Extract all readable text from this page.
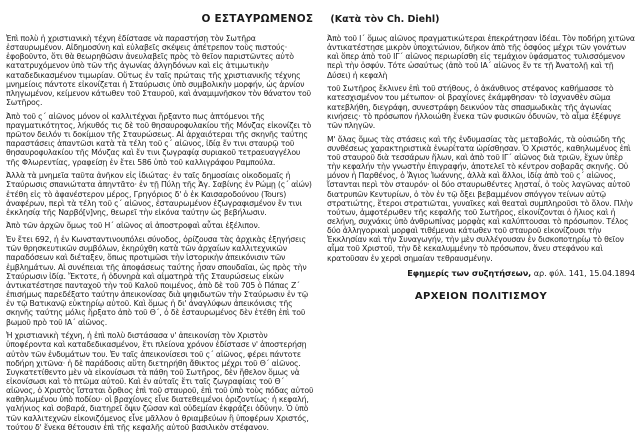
Ο ΕΣΤΑΥΡΩΜΕΝΟΣ (Κατὰ τὸν Ch. Diehl)

Ἐπὶ πολὺ ἡ χριστιανικὴ τέχνη ἐδίστασε νὰ παραστήσῃ τὸν Σωτῆρα ἐσταυρωμένον. Αἰδημοσύνη καὶ εὐλαβεῖς σκέψεις ἀπέτρεπον τοὺς πιστούς· ἐφοβοῦντο, ὅτι θὰ θεωρηθῶσιν ἀνευλαβεῖς πρὸς τὸ θεῖον παριστῶντες αὐτὸ κατατρυχόμενον ὑπὸ τῶν τῆς ἀγωνίας ἀλγηδόνων καὶ εἰς ἀτιμωτικὴν καταδεδικασμένον τιμωρίαν. Οὕτως ἐν ταῖς πρώταις τῆς χριστιανικῆς τέχνης μνημείοις πάντοτε εἰκονίζεται ἡ Σταύρωσις ὑπὸ συμβολικὴν μορφήν, ὡς ἀρνίον πληγωμένον, κείμενον κάτωθεν τοῦ Σταυροῦ, καὶ ἀναμιμνῆσκον τὸν θάνατον τοῦ Σωτῆρος.

Ἀπὸ τοῦ ς´ αἰῶνος μόνον οἱ καλλιτέχναι ἤρξαντο πως ἁπτόμενοι τῆς πραγματικότητος, λήκυθός τις δὲ τοῦ θησαυροφυλακίου τῆς Μόνζας εἰκονίζει τὸ πρῶτον δειλόν τι δοκίμιον τῆς Σταυρώσεως. Αἱ ἀρχαιότεραι τῆς σκηνῆς ταύτης παραστάσεις ἀπαντῶσι κατὰ τὰ τέλη τοῦ ς´ αἰῶνος, ἰδίᾳ ἔν τινι σταυρῷ τοῦ θησαυροφυλακίου τῆς Μόνζας καὶ ἔν τινι ζωγραφίᾳ συριακοῦ τετραευαγγέλου τῆς Φλωρεντίας, γραφείσῃ ἐν ἔτει 586 ὑπὸ τοῦ καλλιγράφου Ραμπούλα.

Ἀλλὰ τὰ μνημεῖα ταῦτα ἀνῆκον εἰς ἰδιώτας· ἐν ταῖς δημοσίαις οἰκοδομαῖς ἡ Σταύρωσις σπανιώτατα ἀπηντᾶτο· ἐν τῇ Πύλῃ τῆς Ἁγ. Σαβίνης ἐν Ρώμῃ (ς´ αἰών) ἐτέθη εἰς τὸ ἀφανέστερον μέρος, Γρηγόριος δ' ὁ ἐκ Καισαροδούνου (Tours) ἀναφέρων, περὶ τὰ τέλη τοῦ ς´ αἰῶνος, ἐσταυρωμένον ἐζωγραφισμένον ἔν τινι ἐκκλησίᾳ τῆς Ναρβό[ν]νης, θεωρεῖ τὴν εἰκόνα ταύτην ὡς βεβήλωσιν.

Ἀπὸ τῶν ἀρχῶν ὅμως τοῦ Η´ αἰῶνος αἱ ἀποστροφαὶ αὗται ἐξέλιπον.

Ἐν ἔτει 692, ἡ ἐν Κωνσταντινουπόλει σύνοδος, ὁρίζουσα τὰς ἀρχικὰς ἐξηγήσεις τῶν θρησκευτικῶν συμβόλων, ἐκηρύχθη κατὰ τῶν ἀρχαίων καλλιτεχνικῶν παραδόσεων καὶ διέταξεν, ὅπως προτιμῶσι τὴν ἱστορικὴν ἀπεικόνισιν τῶν ἐμβλημάτων. Αἱ συνέπειαι τῆς ἀποφάσεως ταύτης ἦσαν σπουδαῖαι, ὡς πρὸς τὴν Σταύρωσιν ἰδίᾳ. Ἔκτοτε, ἡ ὀδυνηρὰ καὶ αἱματηρὰ τῆς Σταυρώσεως εἰκὼν ἀντικατέστησε πανταχοῦ τὴν τοῦ Καλοῦ ποιμένος, ἀπὸ δὲ τοῦ 705 ὁ Πάπας Ζ´ ἐπισήμως παρεδέξατο ταύτην ἀπεικονίσας διὰ ψηφιδωτῶν τὴν Σταύρωσιν ἐν τῷ ἐν τῷ Βατικανῷ εὐκτηρίῳ αὑτοῦ. Καὶ ὅμως ἡ δι' ἀναγλύφων ἀπεικόνισις τῆς σκηνῆς ταύτης μόλις ἤρξατο ἀπὸ τοῦ Θ´, ὁ δὲ ἐσταυρωμένος δὲν ἐτέθη ἐπὶ τοῦ βωμοῦ πρὸ τοῦ ΙΑ´ αἰῶνος.

Ἡ χριστιανικὴ τέχνη, ἡ ἐπὶ πολὺ διστάσασα ν' ἀπεικονίσῃ τὸν Χριστὸν ὑποφέροντα καὶ καταδεδικασμένον, ἔτι πλείονα χρόνον ἐδίστασε ν' ἀποστερήσῃ αὐτὸν τῶν ἐνδυμάτων του. Ἐν ταῖς ἀπεικονίσεσι τοῦ ς´ αἰῶνος, φέρει πάντοτε ποδήρη χιτῶνα· ἡ δὲ παράδοσις αὕτη διετηρήθη ἄθικτος μέχρι τοῦ Θ´ αἰῶνος. Συγκατετίθεντο μὲν νὰ εἰκονίσωσι τὰ πάθη τοῦ Σωτῆρος, δὲν ἤθελον ὅμως νὰ εἰκονίσωσι καὶ τὸ πτῶμα αὐτοῦ. Καὶ ἐν αὐταῖς ἔτι ταῖς ζωγραφίαις τοῦ Θ´ αἰῶνος, ὁ Χριστὸς ἵσταται ὄρθιος ἐπὶ τοῦ σταυροῦ, ἐπὶ τοῦ ὑπὸ τοὺς πόδας αὐτοῦ καθηλωμένου ὑπὸ ποδίου· οἱ βραχίονες εἶνε διατεθειμένοι ὁριζοντίως· ἡ κεφαλή, γαλήνιος καὶ σοβαρά, διατηρεῖ ὄψιν ζῶσαν καὶ οὐδεμίαν ἐκφράζει ὀδύνην. Ὁ ὑπὸ τῶν καλλιτεχνῶν εἰκονιζόμενος εἶνε μᾶλλον ὁ θριαμβεύων ἢ ὑποφέρων Χριστός, τούτου δ' ἕνεκα θέτουσιν ἐπὶ τῆς κεφαλῆς αὐτοῦ βασιλικὸν στέφανον.

Ἀπὸ τοῦ Ι´ ὅμως αἰῶνος πραγματικώτεραι ἐπεκράτησαν ἰδέαι. Τὸν ποδήρη χιτῶνα ἀντικατέστησε μικρὸν ὑποχιτώνιον, διῆκον ἀπὸ τῆς ὀσφύος μέχρι τῶν γονάτων καὶ ὅπερ ἀπὸ τοῦ ΙΓ´ αἰῶνος περιωρίσθη εἰς τεμάχιον ὑφάσματος τυλισσόμενον περὶ τὴν ὀσφύν. Τότε ὡσαύτως (ἀπὸ τοῦ ΙΑ´ αἰῶνος ἔν τε τῇ Ἀνατολῇ καὶ τῇ Δύσει) ἡ κεφαλὴ

τοῦ Σωτῆρος ἔκλινεν ἐπὶ τοῦ στήθους, ὁ ἀκάνθινος στέφανος καθήμασσε τὸ κατεσχισμένον του μέτωπον· οἱ βραχίονες ἐκάμφθησαν· τὸ ἰσχνανθὲν σῶμα κατεβλήθη, διεγράφη, συνεστράφη δεικνύον τὰς σπασμωδικὰς τῆς ἀγωνίας κινήσεις· τὸ πρόσωπον ἠλλοιώθη ἕνεκα τῶν φυσικῶν ὀδυνῶν, τὸ αἷμα ἐξέφυγε τῶν πληγῶν.

Μ' ὅλας ὅμως τὰς στάσεις καὶ τῆς ἐνδυμασίας τὰς μεταβολάς, τὰ οὐσιώδη τῆς συνθέσεως χαρακτηριστικὰ ἐνωρίτατα ὡρίσθησαν. Ὁ Χριστός, καθηλωμένος ἐπὶ τοῦ σταυροῦ διὰ τεσσάρων ἥλων, καὶ ἀπὸ τοῦ ΙΓ´ αἰῶνος διὰ τριῶν, ἔχων ὑπὲρ τὴν κεφαλήν τὴν γνωστὴν ἐπιγραφήν, ἀποτελεῖ τὸ κέντρον σοβαρᾶς σκηνῆς. Οὐ μόνον ἡ Παρθένος, ὁ Ἅγιος Ἰωάννης, ἀλλὰ καὶ ἄλλοι, ἰδίᾳ ἀπὸ τοῦ ς´ αἰῶνος, ἵστανται περὶ τὸν σταυρόν· οἱ δύο σταυρωθέντες λῃσταί, ὁ τοὺς λαγῶνας αὐτοῦ διατρυπῶν Κεντυρίων, ὁ τὸν ἐν τῷ ὄξει βεβαμμένον σπόγγον τείνων αὐτῷ στρατιώτης, ἕτεροι στρατιῶται, γυναῖκες καὶ θεαταὶ συμπληροῦσι τὸ ὅλον. Πλὴν τούτων, ἀμφοτέρωθεν τῆς κεφαλῆς τοῦ Σωτῆρος, εἰκονίζονται ὁ ἥλιος καὶ ἡ σελήνη, συχνάκις ὑπὸ ἀνθρωπίνας μορφὰς καὶ καλύπτουσαι τὸ πρόσωπον. Τέλος δύο ἀλληγορικαὶ μορφαὶ τιθέμεναι κάτωθεν τοῦ σταυροῦ εἰκονίζουσι τὴν Ἐκκλησίαν καὶ τὴν Συναγωγήν, τὴν μὲν συλλέγουσαν ἐν δισκοποτηρίῳ τὸ θεῖον αἷμα τοῦ Χριστοῦ, τὴν δὲ κεκαλυμμένην τὸ πρόσωπον, ἄνευ στεφάνου καὶ κρατοῦσαν ἐν χερσὶ σημαίαν τεθραυσμένην.

Εφημερίς των συζητήσεων, αρ. φύλ. 141, 15.04.1894
ΑΡΧΕΙΟΝ ΠΟΛΙΤΙΣΜΟΥ
